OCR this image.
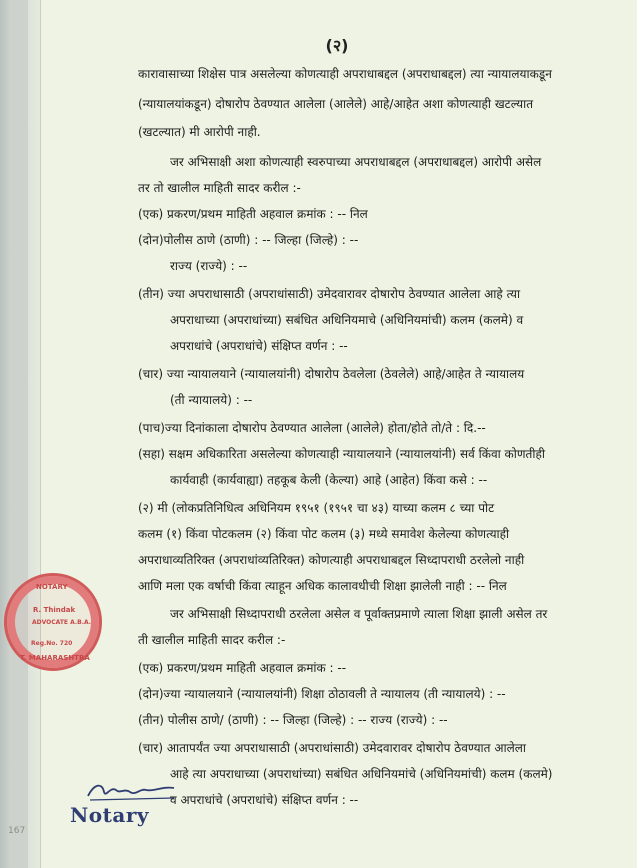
167
(२)
कारावासाच्या शिक्षेस पात्र असलेल्या कोणत्याही अपराधाबद्दल (अपराधाबद्दल) त्या न्यायालयाकडून
(न्यायालयांकडून) दोषारोप ठेवण्यात आलेला (आलेले) आहे/आहेत अशा कोणत्याही खटल्यात
(खटल्यात) मी आरोपी नाही.
जर अभिसाक्षी अशा कोणत्याही स्वरुपाच्या अपराधाबद्दल (अपराधाबद्दल) आरोपी असेल
तर तो खालील माहिती सादर करील :-
(एक) प्रकरण/प्रथम माहिती अहवाल क्रमांक : -- निल
(दोन)पोलीस ठाणे (ठाणी) : -- जिल्हा (जिल्हे) : --
राज्य (राज्ये) : --
(तीन) ज्या अपराधासाठी (अपराधांसाठी) उमेदवारावर दोषारोप ठेवण्यात आलेला आहे त्या
अपराधाच्या (अपराधांच्या) सबंधित अधिनियमाचे (अधिनियमांची) कलम (कलमे) व
अपराधांचे (अपराधांचे) संक्षिप्त वर्णन : --
(चार) ज्या न्यायालयाने (न्यायालयांनी) दोषारोप ठेवलेला (ठेवलेले) आहे/आहेत ते न्यायालय
(ती न्यायालये) : --
(पाच)ज्या दिनांकाला दोषारोप ठेवण्यात आलेला (आलेले) होता/होते तो/ते : दि.--
(सहा) सक्षम अधिकारिता असलेल्या कोणत्याही न्यायालयाने (न्यायालयांनी) सर्व किंवा कोणतीही
कार्यवाही (कार्यवाह्या) तहकूब केली (केल्या) आहे (आहेत) किंवा कसे : --
(२) मी (लोकप्रतिनिधित्व अधिनियम १९५१ (१९५१ चा ४३) याच्या कलम ८ च्या पोट
कलम (१) किंवा पोटकलम (२) किंवा पोट कलम (३) मध्ये समावेश केलेल्या कोणत्याही
अपराधाव्यतिरिक्त (अपराधांव्यतिरिक्त) कोणत्याही अपराधाबद्दल सिध्दापराधी ठरलेलो नाही
आणि मला एक वर्षाची किंवा त्याहून अधिक कालावधीची शिक्षा झालेली नाही : -- निल
जर अभिसाक्षी सिध्दापराधी ठरलेला असेल व पूर्वाक्तप्रमाणे त्याला शिक्षा झाली असेल तर
ती खालील माहिती सादर करील :-
(एक) प्रकरण/प्रथम माहिती अहवाल क्रमांक : --
(दोन)ज्या न्यायालयाने (न्यायालयांनी) शिक्षा ठोठावली ते न्यायालय (ती न्यायालये) : --
(तीन) पोलीस ठाणे/ (ठाणी) : -- जिल्हा (जिल्हे) : -- राज्य (राज्ये) : --
(चार) आतापर्यंत ज्या अपराधासाठी (अपराधांसाठी) उमेदवारावर दोषारोप ठेवण्यात आलेला
आहे त्या अपराधाच्या (अपराधांच्या) सबंधित अधिनियमांचे (अधिनियमांची) कलम (कलमे)
व अपराधांचे (अपराधांचे) संक्षिप्त वर्णन : --
NOTARY
R. Thindak
ADVOCATE A.B.A.
Reg.No. 720
T. MAHARASHTRA
Notary
